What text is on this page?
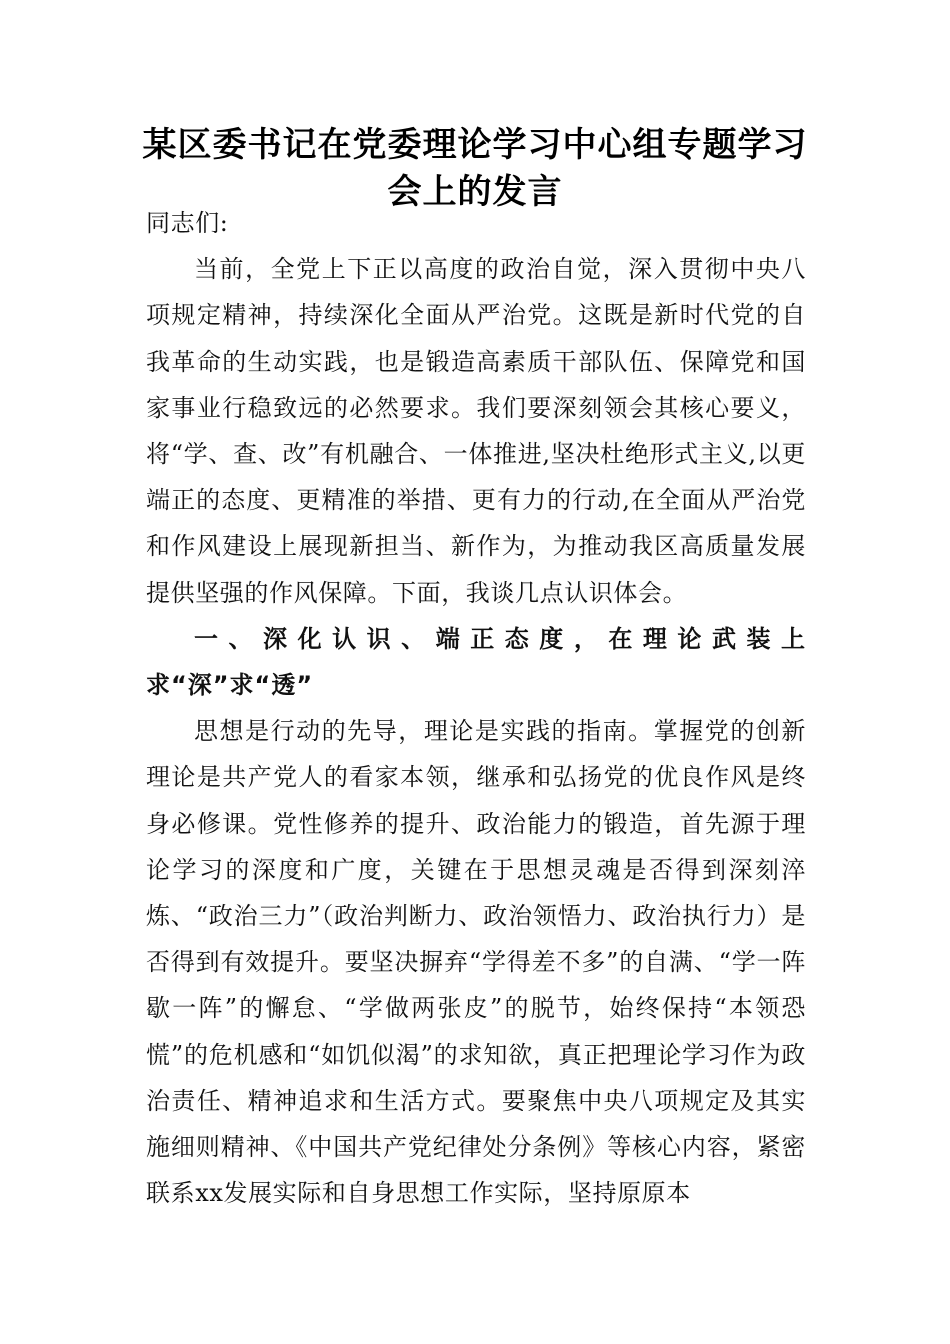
某区委书记在党委理论学习中心组专题学习会上的发言

同志们:

当前，全党上下正以高度的政治自觉，深入贯彻中央八项规定精神，持续深化全面从严治党。这既是新时代党的自我革命的生动实践，也是锻造高素质干部队伍、保障党和国家事业行稳致远的必然要求。我们要深刻领会其核心要义，将“学、查、改”有机融合、一体推进,坚决杜绝形式主义,以更端正的态度、更精准的举措、更有力的行动,在全面从严治党和作风建设上展现新担当、新作为，为推动我区高质量发展提供坚强的作风保障。下面，我谈几点认识体会。

一、深化认识、端正态度，在理论武装上求“深”求“透”

思想是行动的先导，理论是实践的指南。掌握党的创新理论是共产党人的看家本领，继承和弘扬党的优良作风是终身必修课。党性修养的提升、政治能力的锻造，首先源于理论学习的深度和广度，关键在于思想灵魂是否得到深刻淬炼、“政治三力”（政治判断力、政治领悟力、政治执行力）是否得到有效提升。要坚决摒弃“学得差不多”的自满、“学一阵歇一阵”的懈怠、“学做两张皮”的脱节，始终保持“本领恐慌”的危机感和“如饥似渴”的求知欲，真正把理论学习作为政治责任、精神追求和生活方式。要聚焦中央八项规定及其实施细则精神、《中国共产党纪律处分条例》等核心内容，紧密联系xx发展实际和自身思想工作实际，坚持原原本
